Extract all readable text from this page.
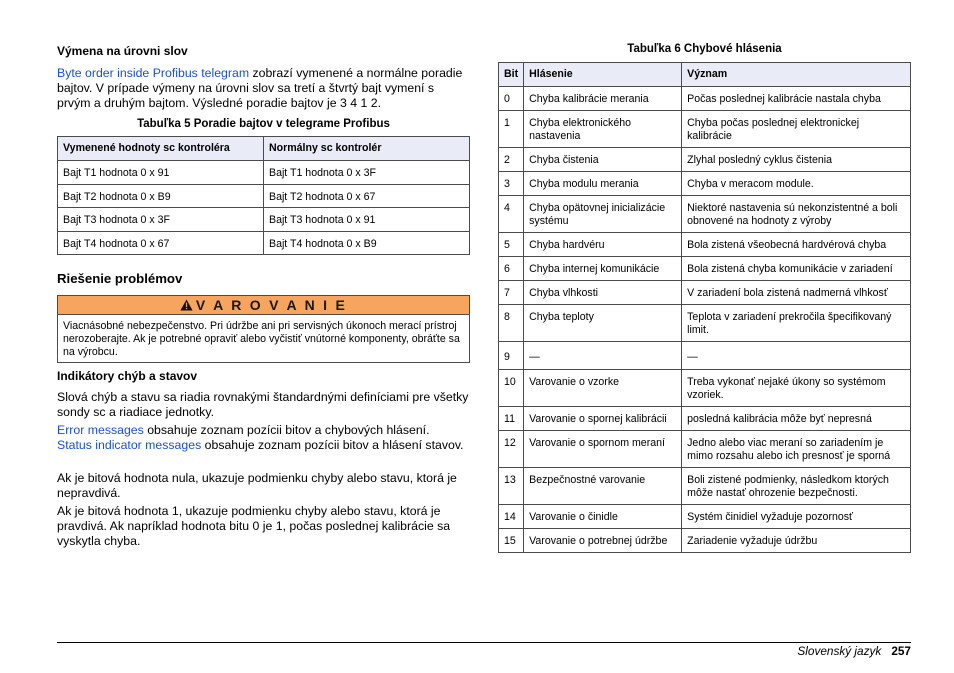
Výmena na úrovni slov
Byte order inside Profibus telegram zobrazí vymenené a normálne poradie bajtov. V prípade výmeny na úrovni slov sa tretí a štvrtý bajt vymení s prvým a druhým bajtom. Výsledné poradie bajtov je 3 4 1 2.
Tabuľka 5 Poradie bajtov v telegrame Profibus
Vymenené hodnoty sc kontroléra	Normálny sc kontrolér
Bajt T1 hodnota 0 x 91	Bajt T1 hodnota 0 x 3F
Bajt T2 hodnota 0 x B9	Bajt T2 hodnota 0 x 67
Bajt T3 hodnota 0 x 3F	Bajt T3 hodnota 0 x 91
Bajt T4 hodnota 0 x 67	Bajt T4 hodnota 0 x B9
Riešenie problémov
V A R O V A N I E
Viacnásobné nebezpečenstvo. Pri údržbe ani pri servisných úkonoch merací prístroj nerozoberajte. Ak je potrebné opraviť alebo vyčistiť vnútorné komponenty, obráťte sa na výrobcu.
Indikátory chýb a stavov
Slová chýb a stavu sa riadia rovnakými štandardnými definíciami pre všetky sondy sc a riadiace jednotky.
Error messages obsahuje zoznam pozícii bitov a chybových hlásení.
Status indicator messages obsahuje zoznam pozícii bitov a hlásení stavov.
Ak je bitová hodnota nula, ukazuje podmienku chyby alebo stavu, ktorá je nepravdivá.
Ak je bitová hodnota 1, ukazuje podmienku chyby alebo stavu, ktorá je pravdivá. Ak napríklad hodnota bitu 0 je 1, počas poslednej kalibrácie sa vyskytla chyba.
Tabuľka 6 Chybové hlásenia
Bit	Hlásenie	Význam
0	Chyba kalibrácie merania	Počas poslednej kalibrácie nastala chyba
1	Chyba elektronického nastavenia	Chyba počas poslednej elektronickej kalibrácie
2	Chyba čistenia	Zlyhal posledný cyklus čistenia
3	Chyba modulu merania	Chyba v meracom module.
4	Chyba opätovnej inicializácie systému	Niektoré nastavenia sú nekonzistentné a boli obnovené na hodnoty z výroby
5	Chyba hardvéru	Bola zistená všeobecná hardvérová chyba
6	Chyba internej komunikácie	Bola zistená chyba komunikácie v zariadení
7	Chyba vlhkosti	V zariadení bola zistená nadmerná vlhkosť
8	Chyba teploty	Teplota v zariadení prekročila špecifikovaný limit.
9	—	—
10	Varovanie o vzorke	Treba vykonať nejaké úkony so systémom vzoriek.
11	Varovanie o spornej kalibrácii	posledná kalibrácia môže byť nepresná
12	Varovanie o spornom meraní	Jedno alebo viac meraní so zariadením je mimo rozsahu alebo ich presnosť je sporná
13	Bezpečnostné varovanie	Boli zistené podmienky, následkom ktorých môže nastať ohrozenie bezpečnosti.
14	Varovanie o činidle	Systém činidiel vyžaduje pozornosť
15	Varovanie o potrebnej údržbe	Zariadenie vyžaduje údržbu
Slovenský jazyk 257
